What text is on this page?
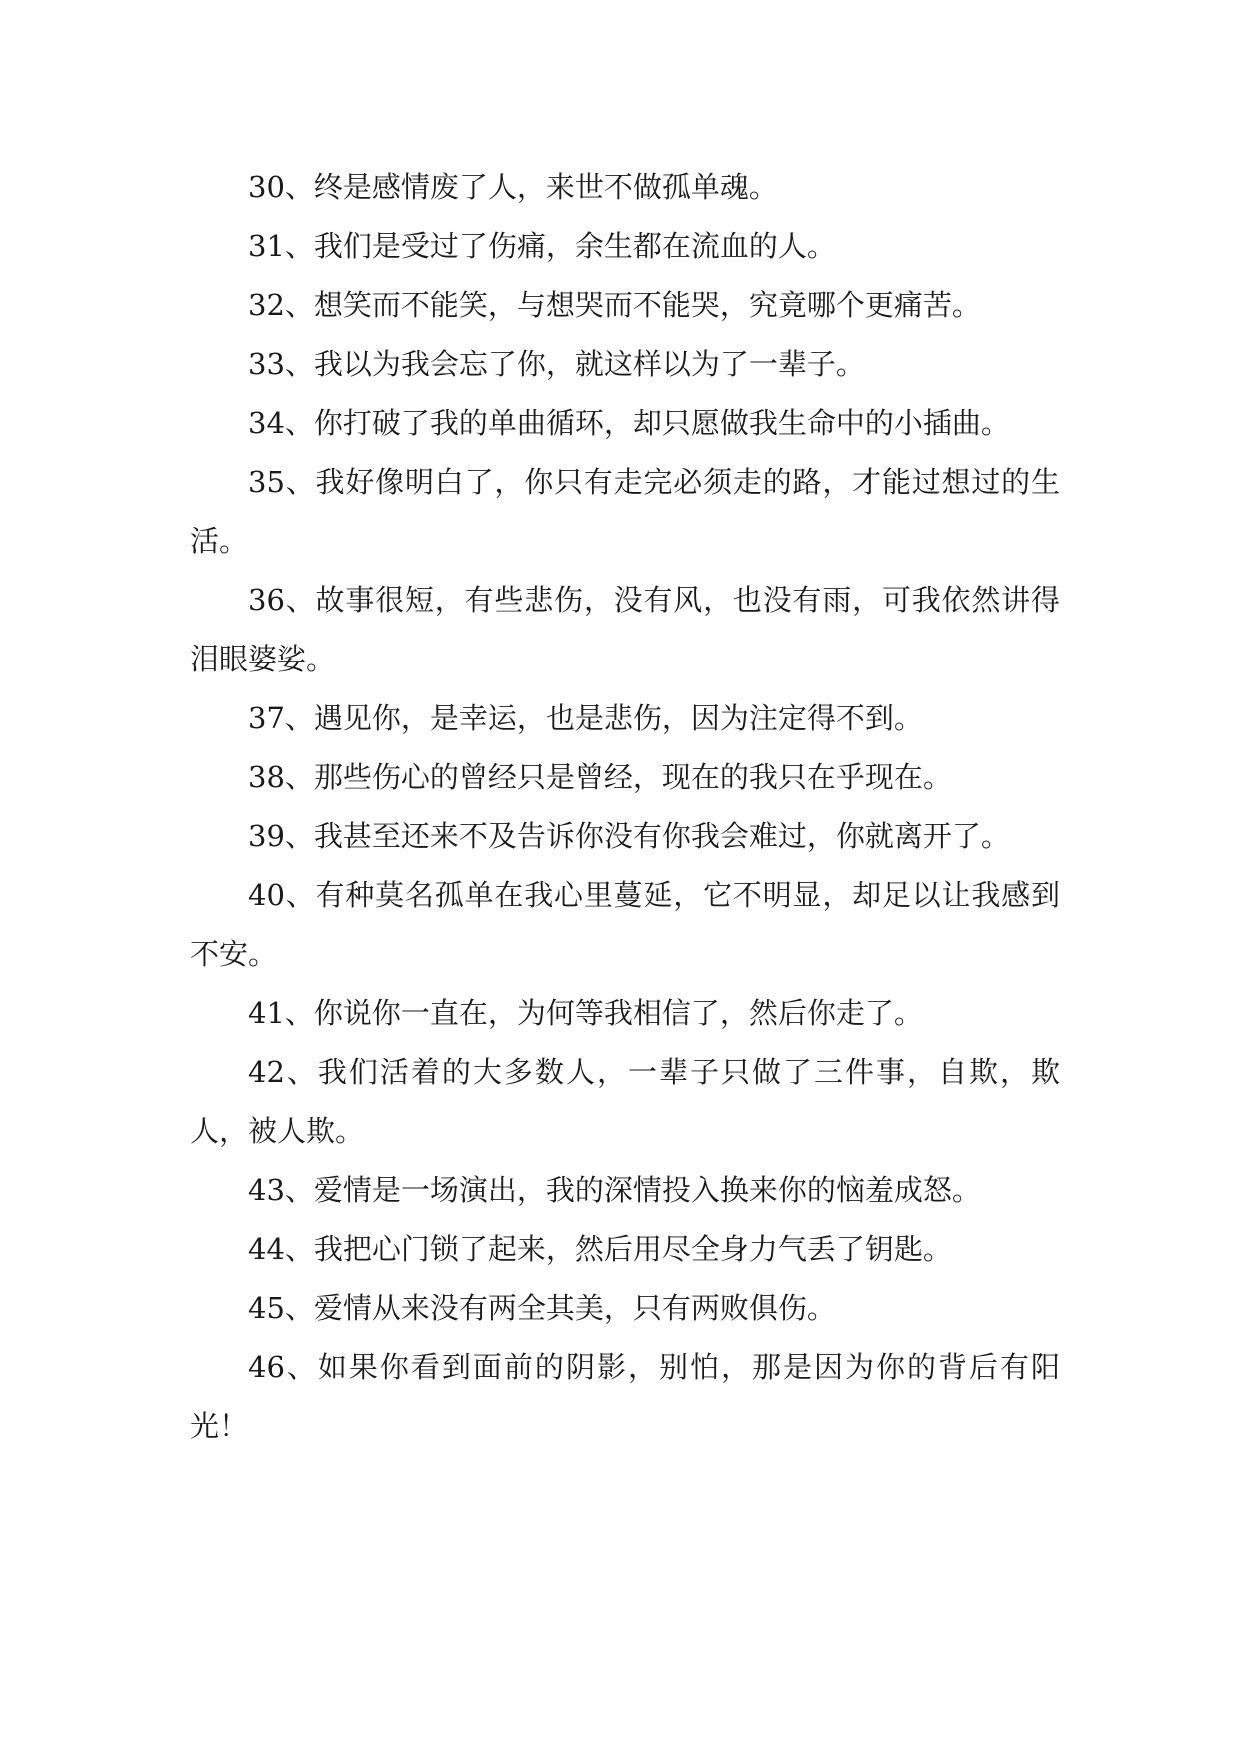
30、终是感情废了人，来世不做孤单魂。

31、我们是受过了伤痛，余生都在流血的人。

32、想笑而不能笑，与想哭而不能哭，究竟哪个更痛苦。

33、我以为我会忘了你，就这样以为了一辈子。

34、你打破了我的单曲循环，却只愿做我生命中的小插曲。

35、我好像明白了，你只有走完必须走的路，才能过想过的生活。

36、故事很短，有些悲伤，没有风，也没有雨，可我依然讲得泪眼婆娑。

37、遇见你，是幸运，也是悲伤，因为注定得不到。

38、那些伤心的曾经只是曾经，现在的我只在乎现在。

39、我甚至还来不及告诉你没有你我会难过，你就离开了。

40、有种莫名孤单在我心里蔓延，它不明显，却足以让我感到不安。

41、你说你一直在，为何等我相信了，然后你走了。

42、我们活着的大多数人，一辈子只做了三件事，自欺，欺人，被人欺。

43、爱情是一场演出，我的深情投入换来你的恼羞成怒。

44、我把心门锁了起来，然后用尽全身力气丢了钥匙。

45、爱情从来没有两全其美，只有两败俱伤。

46、如果你看到面前的阴影，别怕，那是因为你的背后有阳光！
